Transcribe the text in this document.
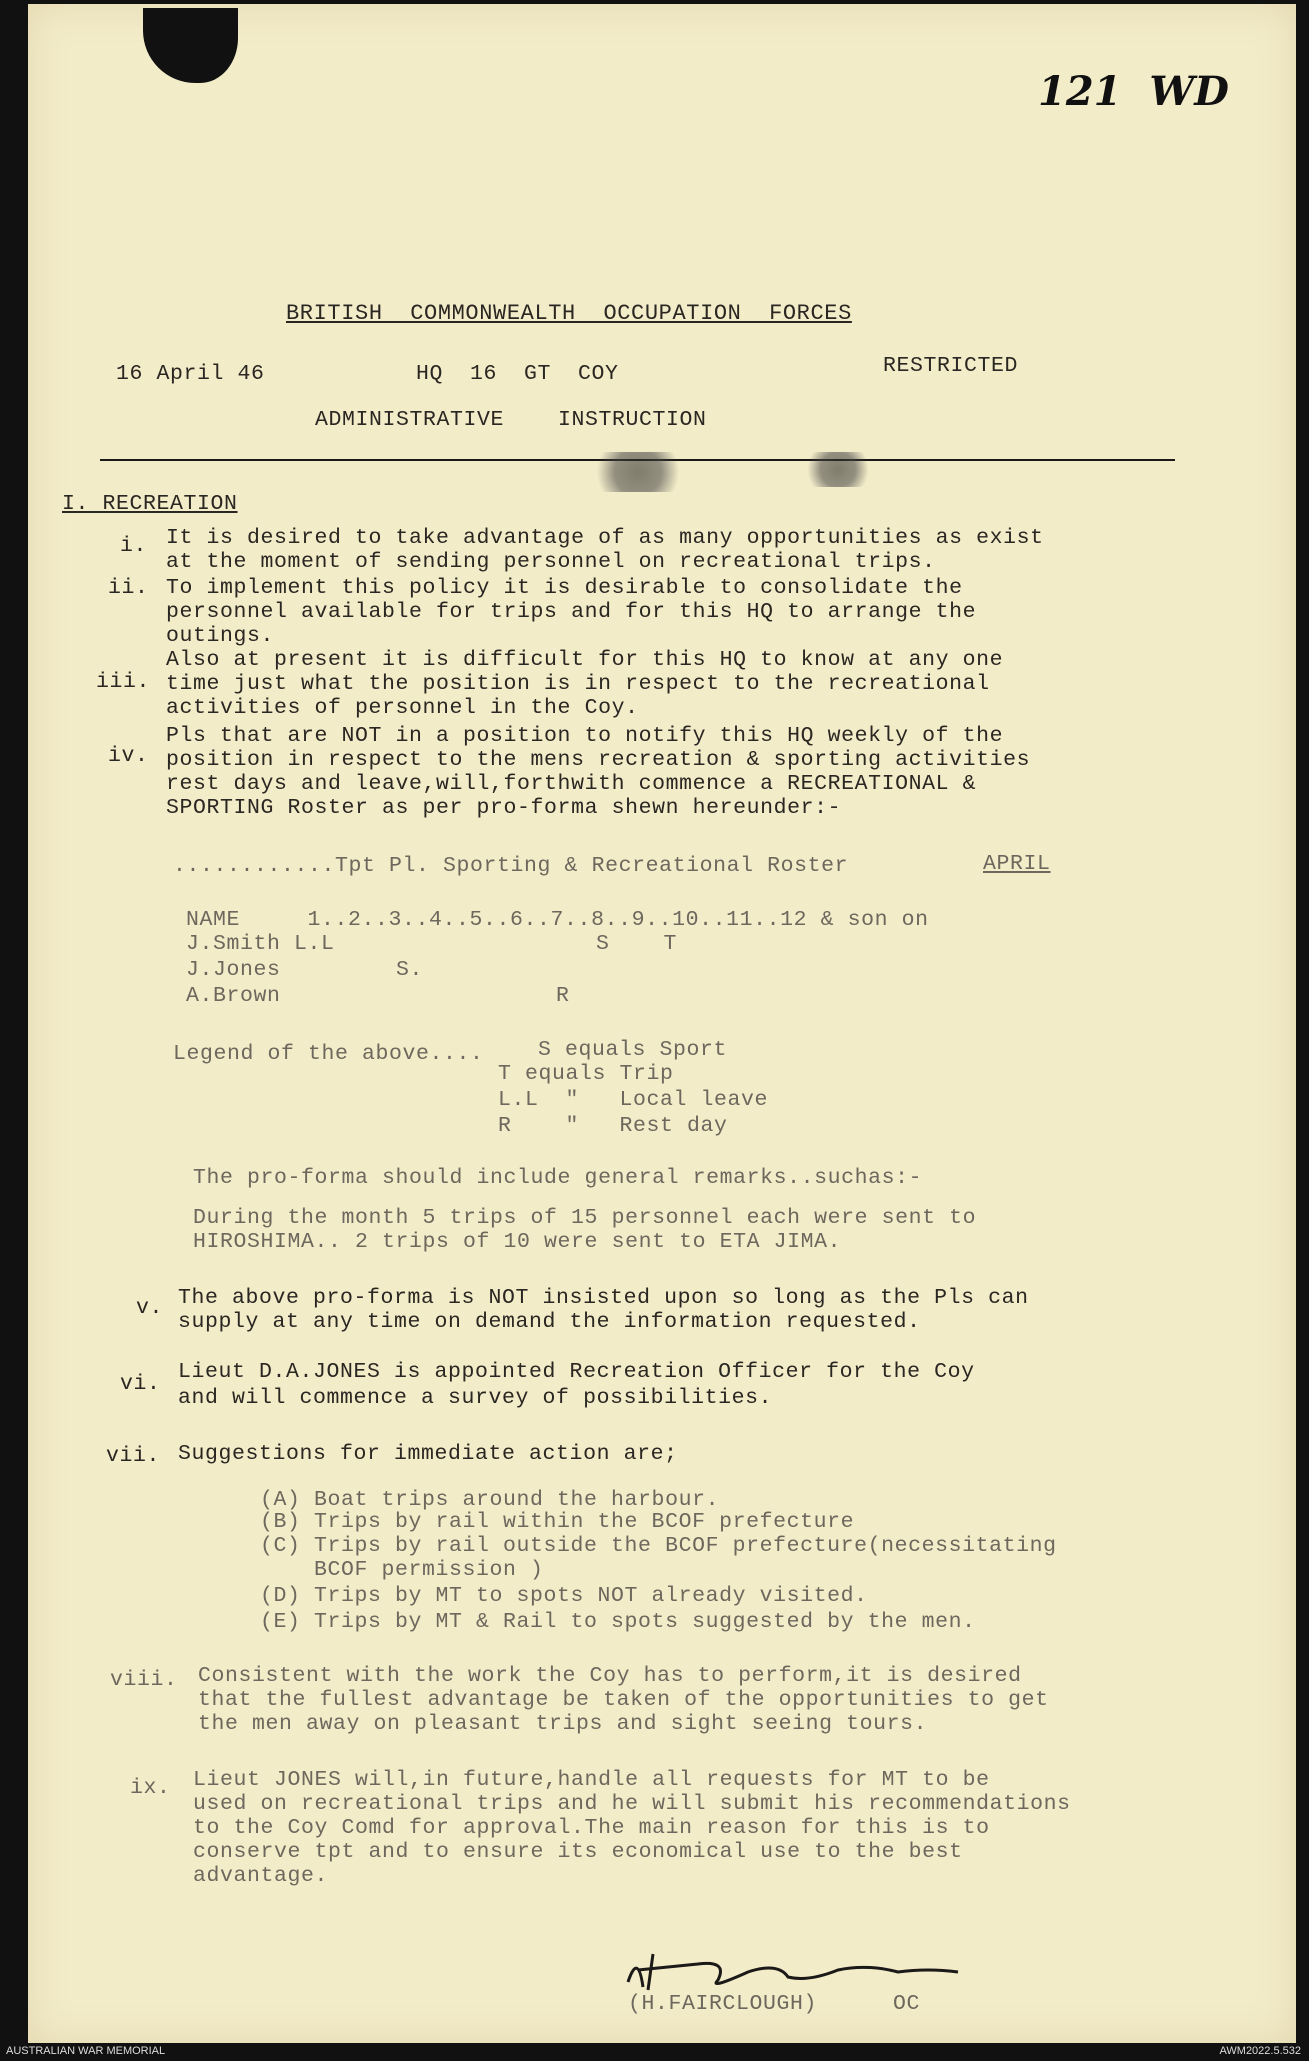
121  WD
BRITISH  COMMONWEALTH  OCCUPATION  FORCES
16 April 46	HQ  16  GT  COY	RESTRICTED
ADMINISTRATIVE    INSTRUCTION
I. RECREATION
i. It is desired to take advantage of as many opportunities as exist
at the moment of sending personnel on recreational trips.
ii. To implement this policy it is desirable to consolidate the
personnel available for trips and for this HQ to arrange the
outings.
iii.
Also at present it is difficult for this HQ to know at any one
time just what the position is in respect to the recreational
activities of personnel in the Coy.
iv.
Pls that are NOT in a position to notify this HQ weekly of the
position in respect to the mens recreation & sporting activities
rest days and leave,will,forthwith commence a RECREATIONAL &
SPORTING Roster as per pro-forma shewn hereunder:-
............Tpt Pl. Sporting & Recreational Roster	APRIL
NAME     1..2..3..4..5..6..7..8..9..10..11..12 & son on
J.Smith L.L	S    T
J.Jones	S.
A.Brown	R
Legend of the above....	S equals Sport
T equals Trip
L.L  "   Local leave
R    "   Rest day
The pro-forma should include general remarks..suchas:-
During the month 5 trips of 15 personnel each were sent to
HIROSHIMA.. 2 trips of 10 were sent to ETA JIMA.
v. The above pro-forma is NOT insisted upon so long as the Pls can
supply at any time on demand the information requested.
vi. Lieut D.A.JONES is appointed Recreation Officer for the Coy
and will commence a survey of possibilities.
vii. Suggestions for immediate action are;
(A) Boat trips around the harbour.
(B) Trips by rail within the BCOF prefecture
(C) Trips by rail outside the BCOF prefecture(necessitating
BCOF permission )
(D) Trips by MT to spots NOT already visited.
(E) Trips by MT & Rail to spots suggested by the men.
viii. Consistent with the work the Coy has to perform,it is desired
that the fullest advantage be taken of the opportunities to get
the men away on pleasant trips and sight seeing tours.
ix. Lieut JONES will,in future,handle all requests for MT to be
used on recreational trips and he will submit his recommendations
to the Coy Comd for approval.The main reason for this is to
conserve tpt and to ensure its economical use to the best
advantage.
(H.FAIRCLOUGH)	OC
AUSTRALIAN WAR MEMORIAL	AWM2022.5.532
